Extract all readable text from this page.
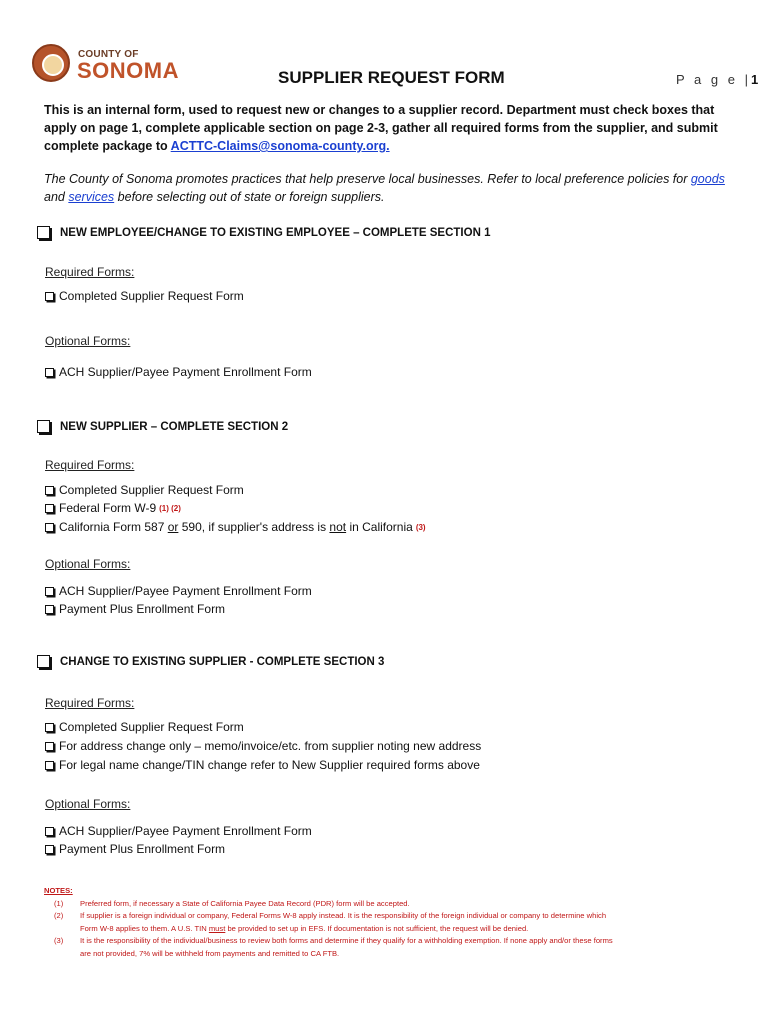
COUNTY OF
SONOMA	SUPPLIER REQUEST FORM	P a g e |1
This is an internal form, used to request new or changes to a supplier record. Department must check boxes that apply on page 1, complete applicable section on page 2-3, gather all required forms from the supplier, and submit complete package to ACTTC-Claims@sonoma-county.org.
The County of Sonoma promotes practices that help preserve local businesses. Refer to local preference policies for goods
and services before selecting out of state or foreign suppliers.
NEW EMPLOYEE/CHANGE TO EXISTING EMPLOYEE – COMPLETE SECTION 1
Required Forms:
Completed Supplier Request Form
Optional Forms:
ACH Supplier/Payee Payment Enrollment Form
NEW SUPPLIER – COMPLETE SECTION 2
Required Forms:
Completed Supplier Request Form
Federal Form W-9 (1) (2)
California Form 587 or 590, if supplier's address is not in California (3)
Optional Forms:
ACH Supplier/Payee Payment Enrollment Form
Payment Plus Enrollment Form
CHANGE TO EXISTING SUPPLIER - COMPLETE SECTION 3
Required Forms:
Completed Supplier Request Form
For address change only – memo/invoice/etc. from supplier noting new address
For legal name change/TIN change refer to New Supplier required forms above
Optional Forms:
ACH Supplier/Payee Payment Enrollment Form
Payment Plus Enrollment Form
NOTES:
(1)	Preferred form, if necessary a State of California Payee Data Record (PDR) form will be accepted.
(2)	If supplier is a foreign individual or company, Federal Forms W-8 apply instead. It is the responsibility of the foreign individual or company to determine which Form W-8 applies to them. A U.S. TIN must be provided to set up in EFS. If documentation is not sufficient, the request will be denied.
(3)	It is the responsibility of the individual/business to review both forms and determine if they qualify for a withholding exemption. If none apply and/or these forms are not provided, 7% will be withheld from payments and remitted to CA FTB.
